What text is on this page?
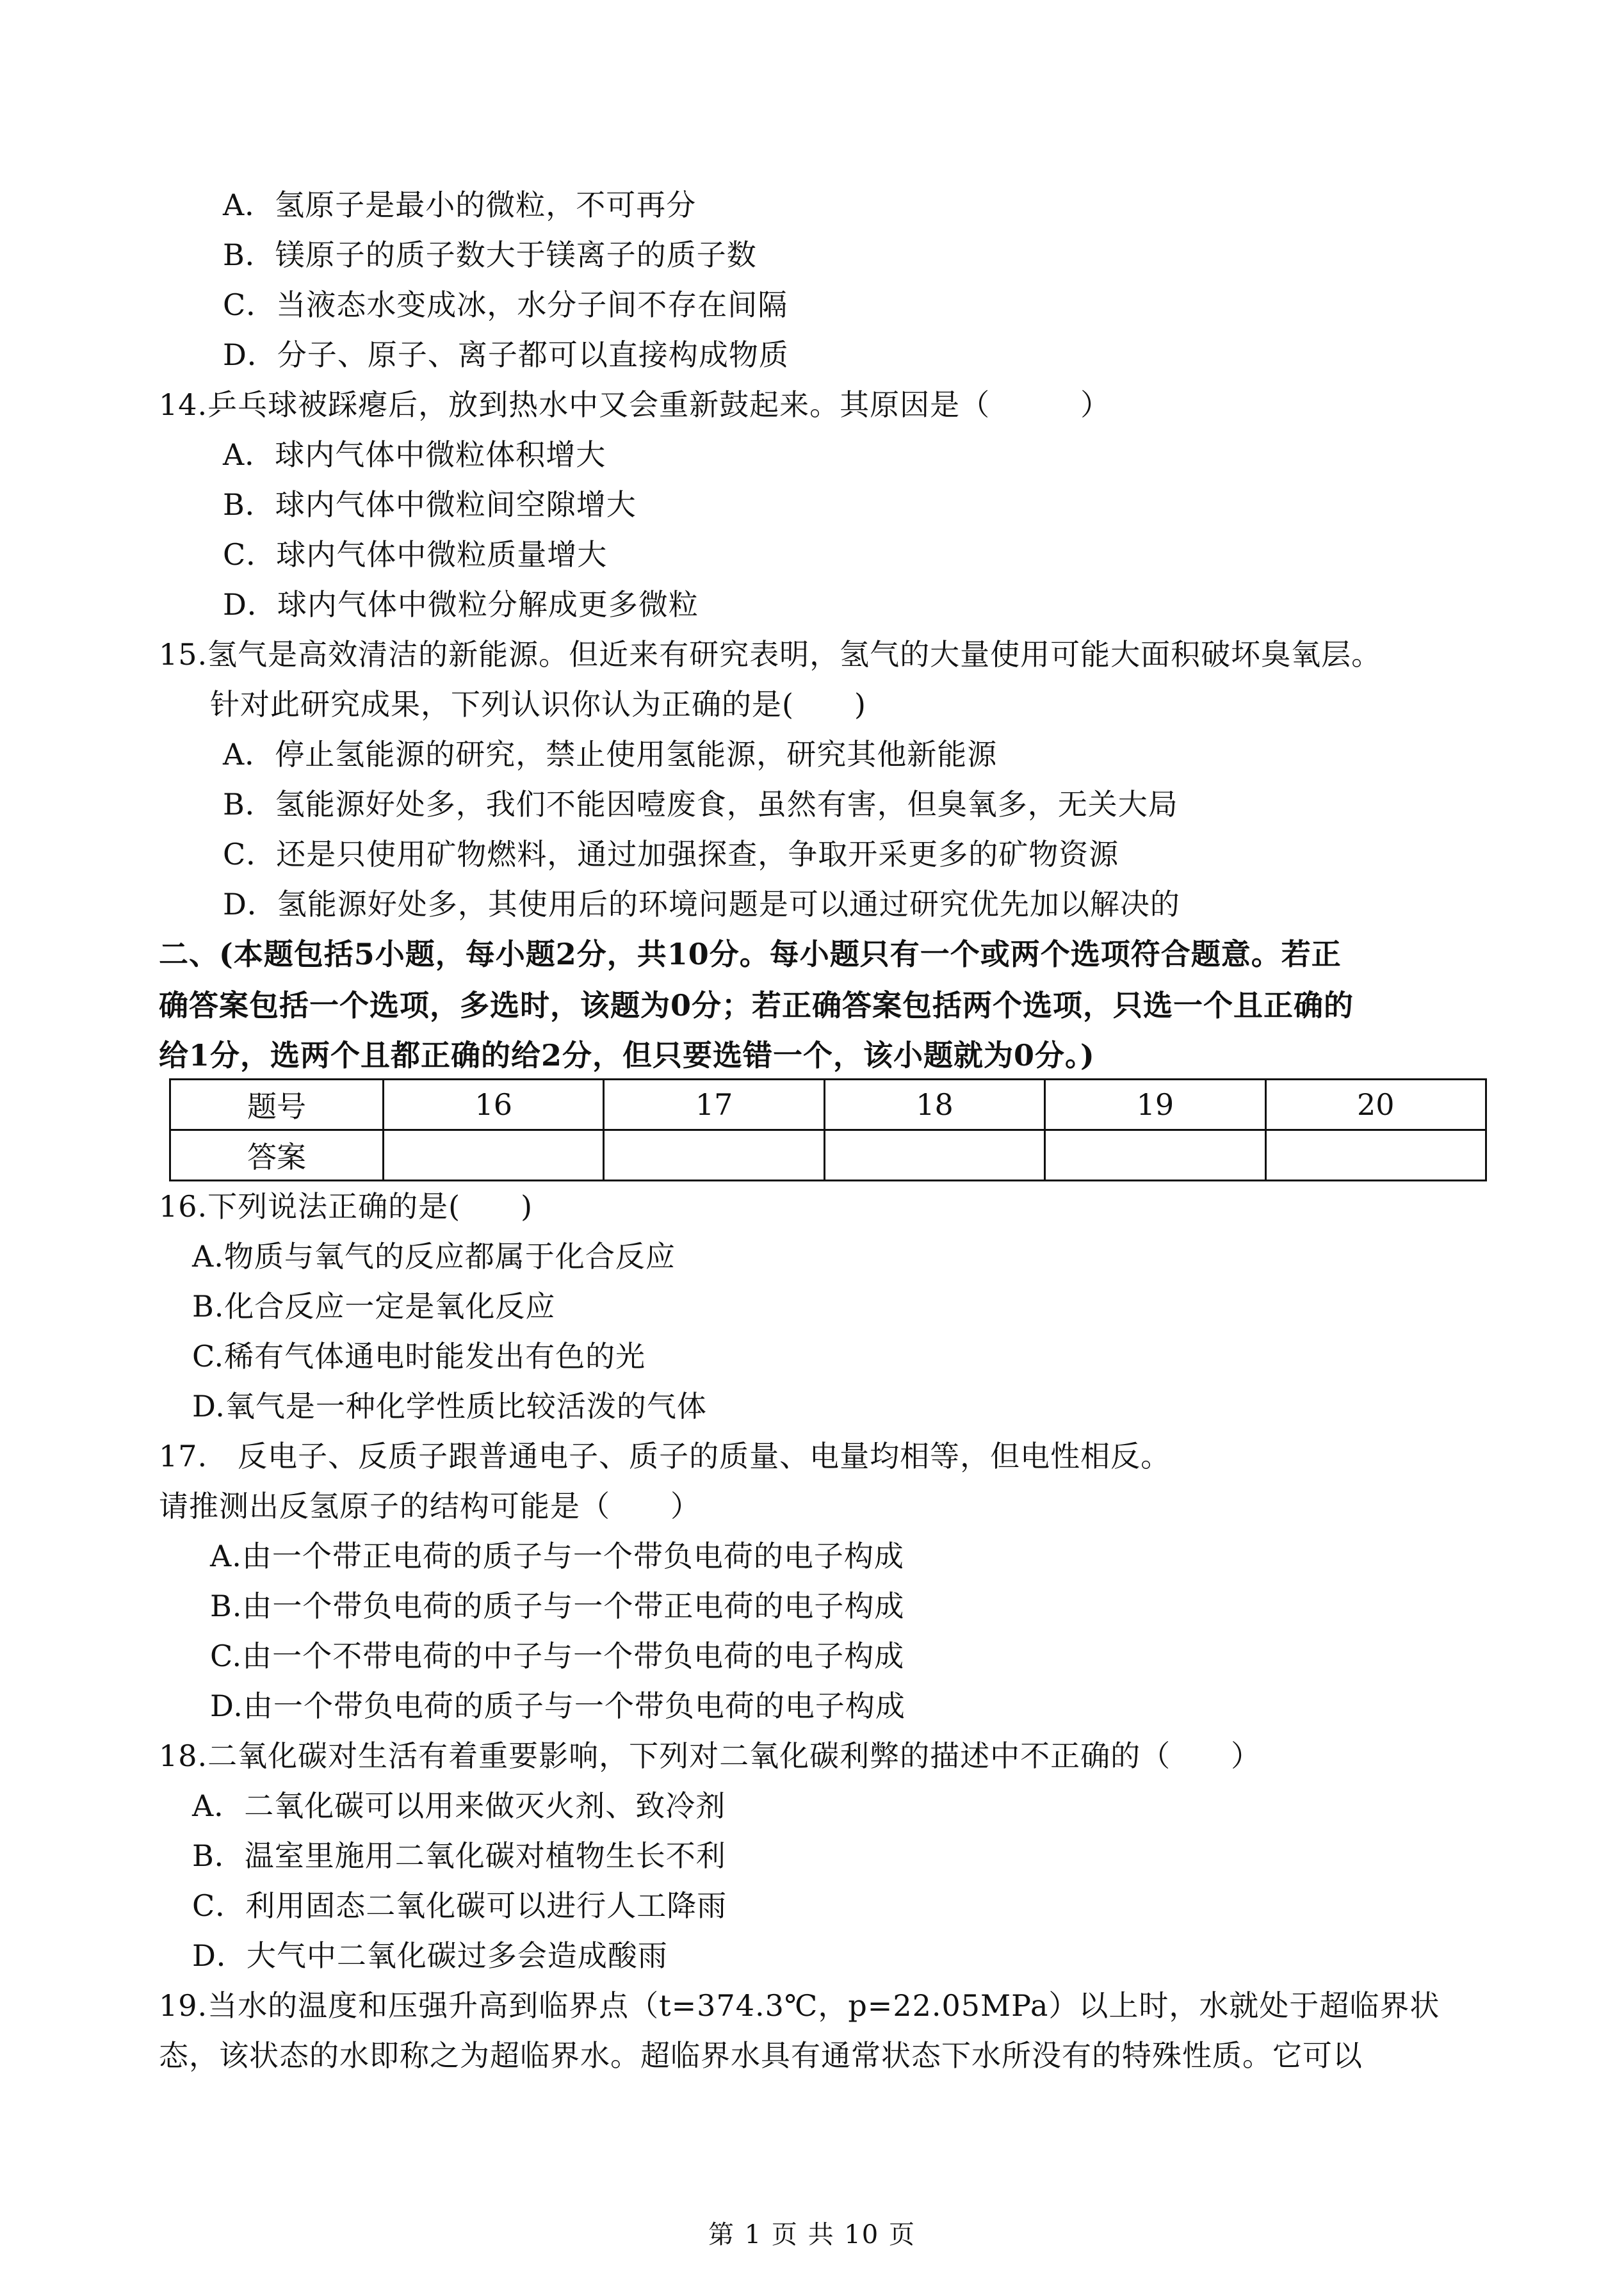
A．氢原子是最小的微粒，不可再分
B．镁原子的质子数大于镁离子的质子数
C．当液态水变成冰，水分子间不存在间隔
D．分子、原子、离子都可以直接构成物质
14.乒乓球被踩瘪后，放到热水中又会重新鼓起来。其原因是（　　　）
A．球内气体中微粒体积增大
B．球内气体中微粒间空隙增大
C．球内气体中微粒质量增大
D．球内气体中微粒分解成更多微粒
15.氢气是高效清洁的新能源。但近来有研究表明，氢气的大量使用可能大面积破坏臭氧层。
针对此研究成果，下列认识你认为正确的是(　　)
A．停止氢能源的研究，禁止使用氢能源，研究其他新能源
B．氢能源好处多，我们不能因噎废食，虽然有害，但臭氧多，无关大局
C．还是只使用矿物燃料，通过加强探查，争取开采更多的矿物资源
D．氢能源好处多，其使用后的环境问题是可以通过研究优先加以解决的
二、(本题包括5小题，每小题2分，共10分。每小题只有一个或两个选项符合题意。若正
确答案包括一个选项，多选时，该题为0分；若正确答案包括两个选项，只选一个且正确的
给1分，选两个且都正确的给2分，但只要选错一个，该小题就为0分。)
题号	16	17	18	19	20
答案					
16.下列说法正确的是(　　)
A.物质与氧气的反应都属于化合反应
B.化合反应一定是氧化反应
C.稀有气体通电时能发出有色的光
D.氧气是一种化学性质比较活泼的气体
17.　反电子、反质子跟普通电子、质子的质量、电量均相等，但电性相反。
请推测出反氢原子的结构可能是（　　）
A.由一个带正电荷的质子与一个带负电荷的电子构成
B.由一个带负电荷的质子与一个带正电荷的电子构成
C.由一个不带电荷的中子与一个带负电荷的电子构成
D.由一个带负电荷的质子与一个带负电荷的电子构成
18.二氧化碳对生活有着重要影响，下列对二氧化碳利弊的描述中不正确的（　　）
A．二氧化碳可以用来做灭火剂、致冷剂
B．温室里施用二氧化碳对植物生长不利
C．利用固态二氧化碳可以进行人工降雨
D．大气中二氧化碳过多会造成酸雨
19.当水的温度和压强升高到临界点（t=374.3℃，p=22.05MPa）以上时，水就处于超临界状
态，该状态的水即称之为超临界水。超临界水具有通常状态下水所没有的特殊性质。它可以
第 1 页 共 10 页
